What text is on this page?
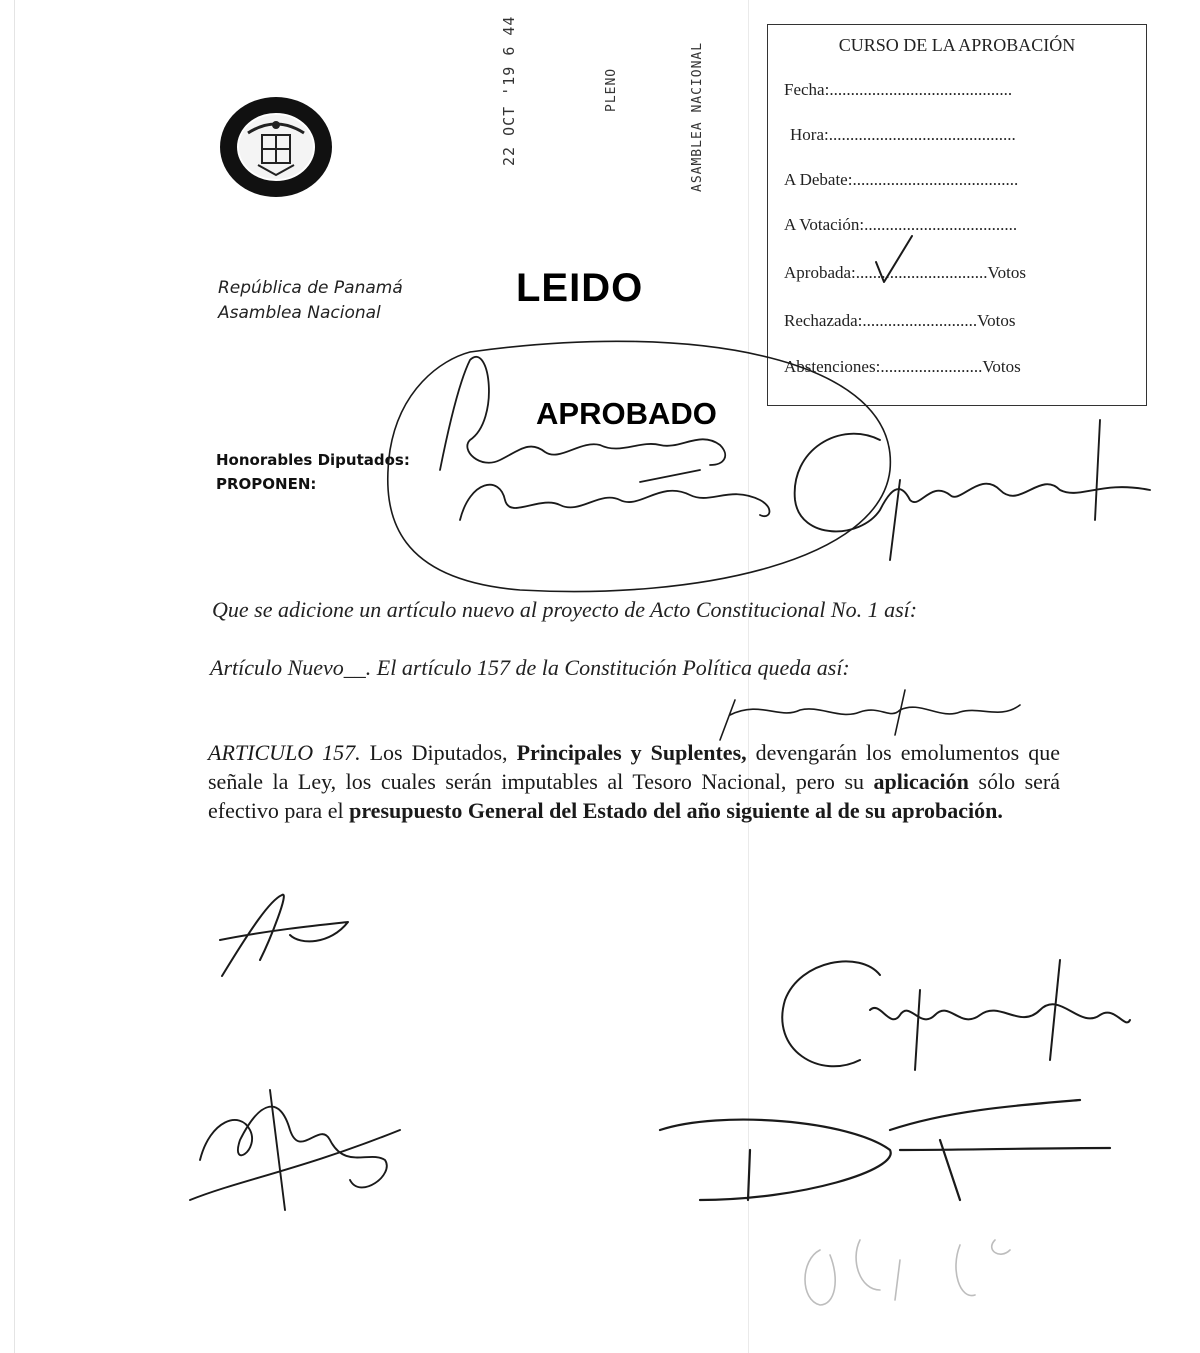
22 OCT '19 6 44	PLENO	ASAMBLEA NACIONAL
República de Panamá
Asamblea Nacional
LEIDO
CURSO DE LA APROBACIÓN
Fecha:...........................................
Hora:............................................
A Debate:.......................................
A Votación:....................................
Aprobada:...............................Votos
Rechazada:...........................Votos
Abstenciones:........................Votos
APROBADO
Honorables Diputados:
PROPONEN:
Que se adicione un artículo nuevo al proyecto de Acto Constitucional No. 1 así:
Artículo Nuevo__. El artículo 157 de la Constitución Política queda así:
ARTICULO 157. Los Diputados, Principales y Suplentes, devengarán los emolumentos que señale la Ley, los cuales serán imputables al Tesoro Nacional, pero su aplicación sólo será efectivo para el presupuesto General del Estado del año siguiente al de su aprobación.
